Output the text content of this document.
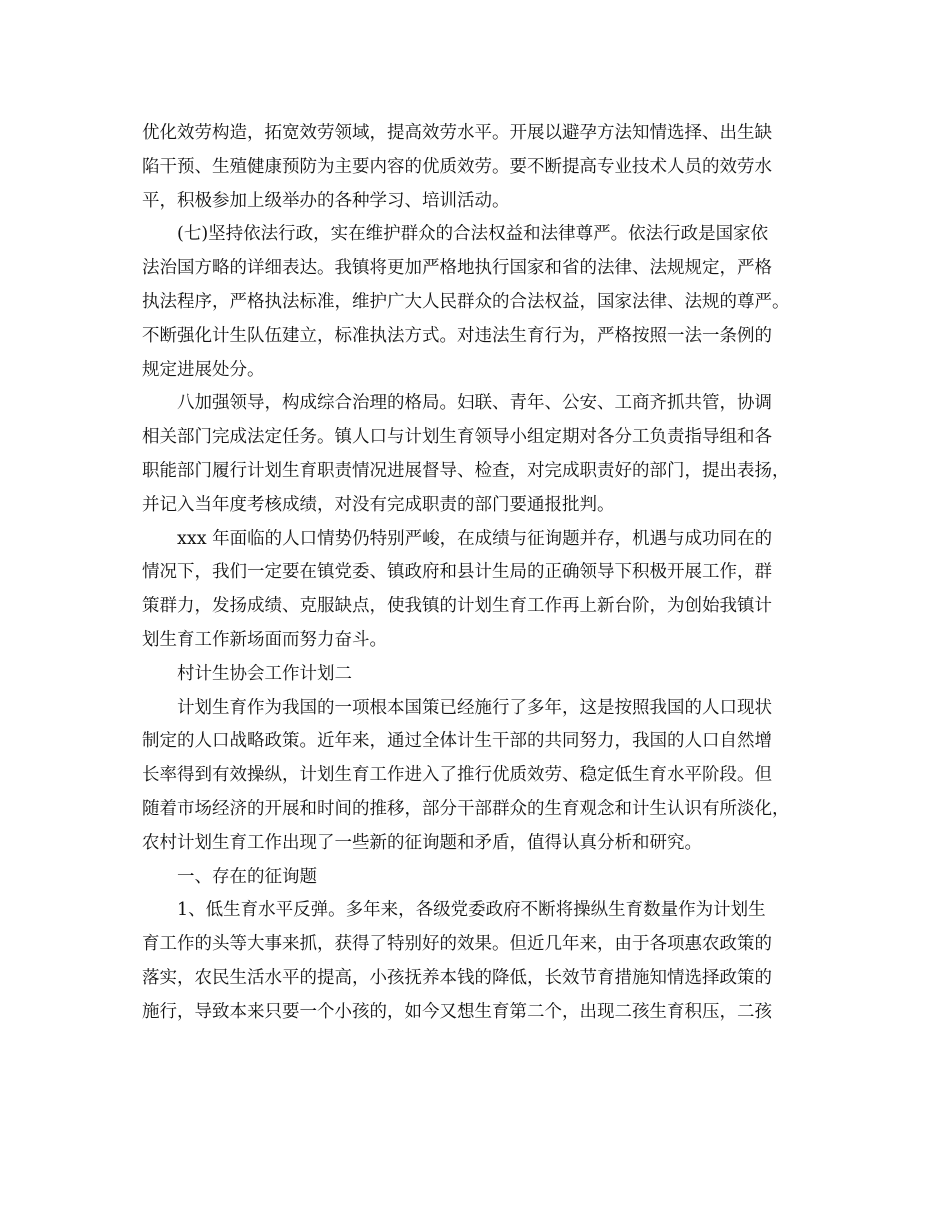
优化效劳构造，拓宽效劳领域，提高效劳水平。开展以避孕方法知情选择、出生缺
陷干预、生殖健康预防为主要内容的优质效劳。要不断提高专业技术人员的效劳水
平，积极参加上级举办的各种学习、培训活动。
(七)坚持依法行政，实在维护群众的合法权益和法律尊严。依法行政是国家依
法治国方略的详细表达。我镇将更加严格地执行国家和省的法律、法规规定，严格
执法程序，严格执法标准，维护广大人民群众的合法权益，国家法律、法规的尊严。
不断强化计生队伍建立，标准执法方式。对违法生育行为，严格按照一法一条例的
规定进展处分。
八加强领导，构成综合治理的格局。妇联、青年、公安、工商齐抓共管，协调
相关部门完成法定任务。镇人口与计划生育领导小组定期对各分工负责指导组和各
职能部门履行计划生育职责情况进展督导、检查，对完成职责好的部门，提出表扬，
并记入当年度考核成绩，对没有完成职责的部门要通报批判。
xxx 年面临的人口情势仍特别严峻，在成绩与征询题并存，机遇与成功同在的
情况下，我们一定要在镇党委、镇政府和县计生局的正确领导下积极开展工作，群
策群力，发扬成绩、克服缺点，使我镇的计划生育工作再上新台阶，为创始我镇计
划生育工作新场面而努力奋斗。
村计生协会工作计划二
计划生育作为我国的一项根本国策已经施行了多年，这是按照我国的人口现状
制定的人口战略政策。近年来，通过全体计生干部的共同努力，我国的人口自然增
长率得到有效操纵，计划生育工作进入了推行优质效劳、稳定低生育水平阶段。但
随着市场经济的开展和时间的推移，部分干部群众的生育观念和计生认识有所淡化，
农村计划生育工作出现了一些新的征询题和矛盾，值得认真分析和研究。
一、存在的征询题
1、低生育水平反弹。多年来，各级党委政府不断将操纵生育数量作为计划生
育工作的头等大事来抓，获得了特别好的效果。但近几年来，由于各项惠农政策的
落实，农民生活水平的提高，小孩抚养本钱的降低，长效节育措施知情选择政策的
施行，导致本来只要一个小孩的，如今又想生育第二个，出现二孩生育积压，二孩
